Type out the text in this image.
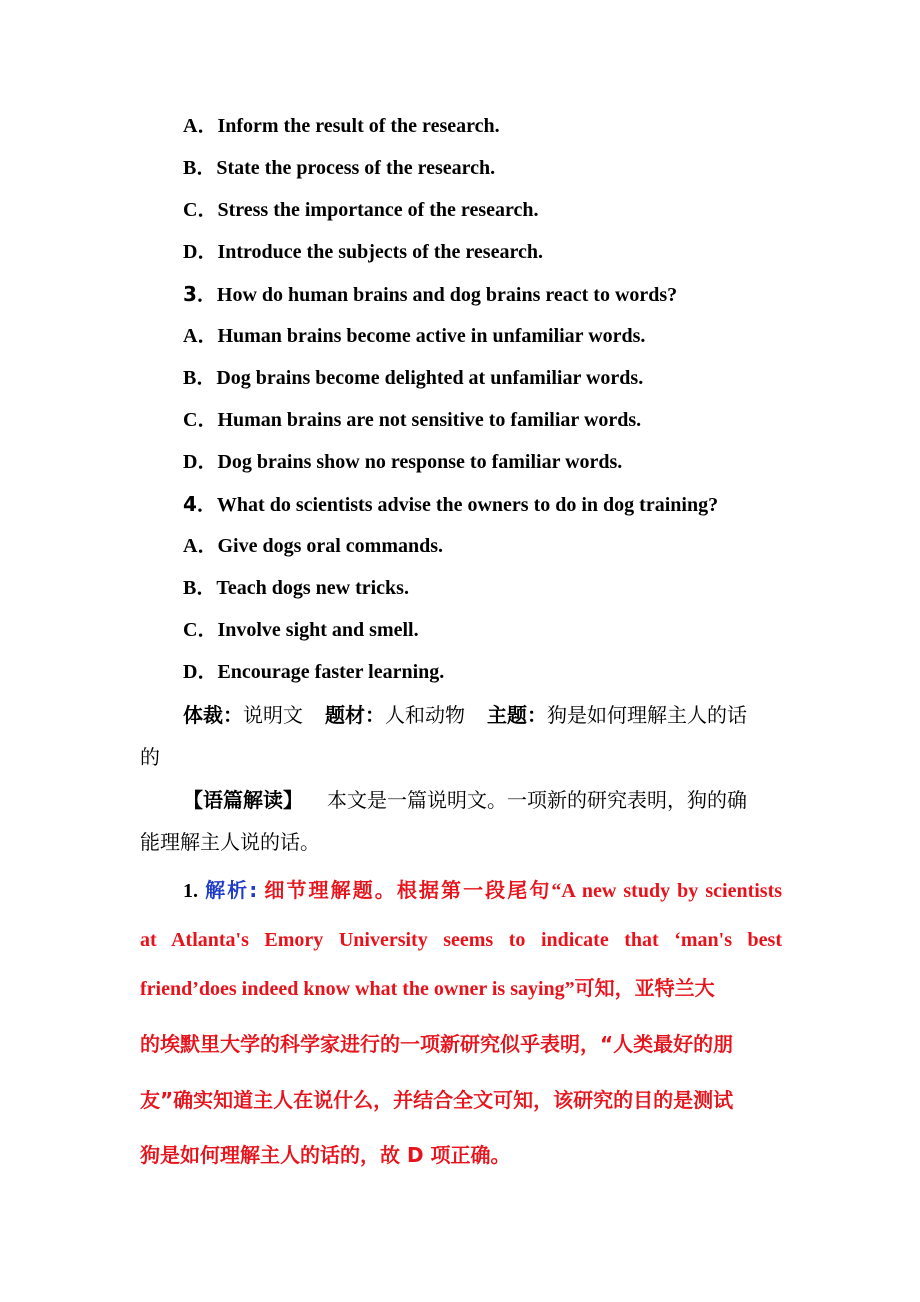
A．Inform the result of the research.
B．State the process of the research.
C．Stress the importance of the research.
D．Introduce the subjects of the research.
3．How do human brains and dog brains react to words?
A．Human brains become active in unfamiliar words.
B．Dog brains become delighted at unfamiliar words.
C．Human brains are not sensitive to familiar words.
D．Dog brains show no response to familiar words.
4．What do scientists advise the owners to do in dog training?
A．Give dogs oral commands.
B．Teach dogs new tricks.
C．Involve sight and smell.
D．Encourage faster learning.
体裁：说明文 题材：人和动物 主题：狗是如何理解主人的话
的
【语篇解读】 本文是一篇说明文。一项新的研究表明，狗的确
能理解主人说的话。
1. 解析: 细节理解题。根据第一段尾句“A new study by scientists
at Atlanta's Emory University seems to indicate that ‘man's best
friend’does indeed know what the owner is saying”可知，亚特兰大
的埃默里大学的科学家进行的一项新研究似乎表明，“人类最好的朋
友”确实知道主人在说什么，并结合全文可知，该研究的目的是测试
狗是如何理解主人的话的，故 D 项正确。
